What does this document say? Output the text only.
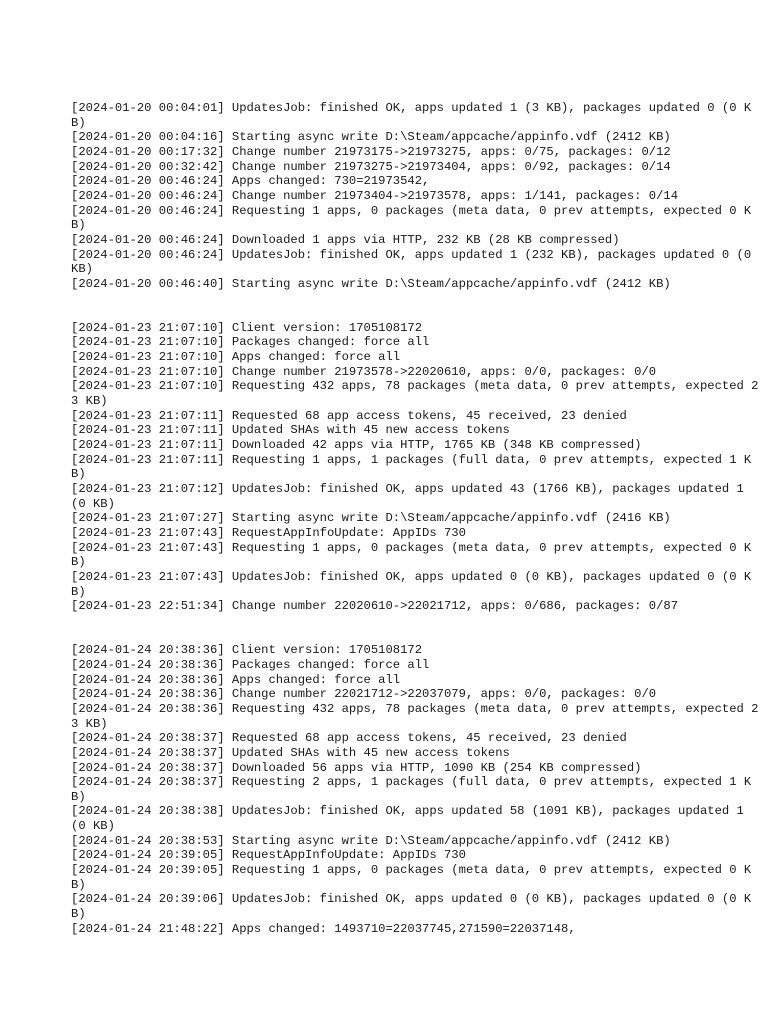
[2024-01-20 00:04:01] UpdatesJob: finished OK, apps updated 1 (3 KB), packages updated 0 (0 KB)
[2024-01-20 00:04:16] Starting async write D:\Steam/appcache/appinfo.vdf (2412 KB)
[2024-01-20 00:17:32] Change number 21973175->21973275, apps: 0/75, packages: 0/12
[2024-01-20 00:32:42] Change number 21973275->21973404, apps: 0/92, packages: 0/14
[2024-01-20 00:46:24] Apps changed: 730=21973542,
[2024-01-20 00:46:24] Change number 21973404->21973578, apps: 1/141, packages: 0/14
[2024-01-20 00:46:24] Requesting 1 apps, 0 packages (meta data, 0 prev attempts, expected 0 KB)
[2024-01-20 00:46:24] Downloaded 1 apps via HTTP, 232 KB (28 KB compressed)
[2024-01-20 00:46:24] UpdatesJob: finished OK, apps updated 1 (232 KB), packages updated 0 (0 KB)
[2024-01-20 00:46:40] Starting async write D:\Steam/appcache/appinfo.vdf (2412 KB)
[2024-01-23 21:07:10] Client version: 1705108172
[2024-01-23 21:07:10] Packages changed: force all
[2024-01-23 21:07:10] Apps changed: force all
[2024-01-23 21:07:10] Change number 21973578->22020610, apps: 0/0, packages: 0/0
[2024-01-23 21:07:10] Requesting 432 apps, 78 packages (meta data, 0 prev attempts, expected 23 KB)
[2024-01-23 21:07:11] Requested 68 app access tokens, 45 received, 23 denied
[2024-01-23 21:07:11] Updated SHAs with 45 new access tokens
[2024-01-23 21:07:11] Downloaded 42 apps via HTTP, 1765 KB (348 KB compressed)
[2024-01-23 21:07:11] Requesting 1 apps, 1 packages (full data, 0 prev attempts, expected 1 KB)
[2024-01-23 21:07:12] UpdatesJob: finished OK, apps updated 43 (1766 KB), packages updated 1 (0 KB)
[2024-01-23 21:07:27] Starting async write D:\Steam/appcache/appinfo.vdf (2416 KB)
[2024-01-23 21:07:43] RequestAppInfoUpdate: AppIDs 730
[2024-01-23 21:07:43] Requesting 1 apps, 0 packages (meta data, 0 prev attempts, expected 0 KB)
[2024-01-23 21:07:43] UpdatesJob: finished OK, apps updated 0 (0 KB), packages updated 0 (0 KB)
[2024-01-23 22:51:34] Change number 22020610->22021712, apps: 0/686, packages: 0/87
[2024-01-24 20:38:36] Client version: 1705108172
[2024-01-24 20:38:36] Packages changed: force all
[2024-01-24 20:38:36] Apps changed: force all
[2024-01-24 20:38:36] Change number 22021712->22037079, apps: 0/0, packages: 0/0
[2024-01-24 20:38:36] Requesting 432 apps, 78 packages (meta data, 0 prev attempts, expected 23 KB)
[2024-01-24 20:38:37] Requested 68 app access tokens, 45 received, 23 denied
[2024-01-24 20:38:37] Updated SHAs with 45 new access tokens
[2024-01-24 20:38:37] Downloaded 56 apps via HTTP, 1090 KB (254 KB compressed)
[2024-01-24 20:38:37] Requesting 2 apps, 1 packages (full data, 0 prev attempts, expected 1 KB)
[2024-01-24 20:38:38] UpdatesJob: finished OK, apps updated 58 (1091 KB), packages updated 1 (0 KB)
[2024-01-24 20:38:53] Starting async write D:\Steam/appcache/appinfo.vdf (2412 KB)
[2024-01-24 20:39:05] RequestAppInfoUpdate: AppIDs 730
[2024-01-24 20:39:05] Requesting 1 apps, 0 packages (meta data, 0 prev attempts, expected 0 KB)
[2024-01-24 20:39:06] UpdatesJob: finished OK, apps updated 0 (0 KB), packages updated 0 (0 KB)
[2024-01-24 21:48:22] Apps changed: 1493710=22037745,271590=22037148,
